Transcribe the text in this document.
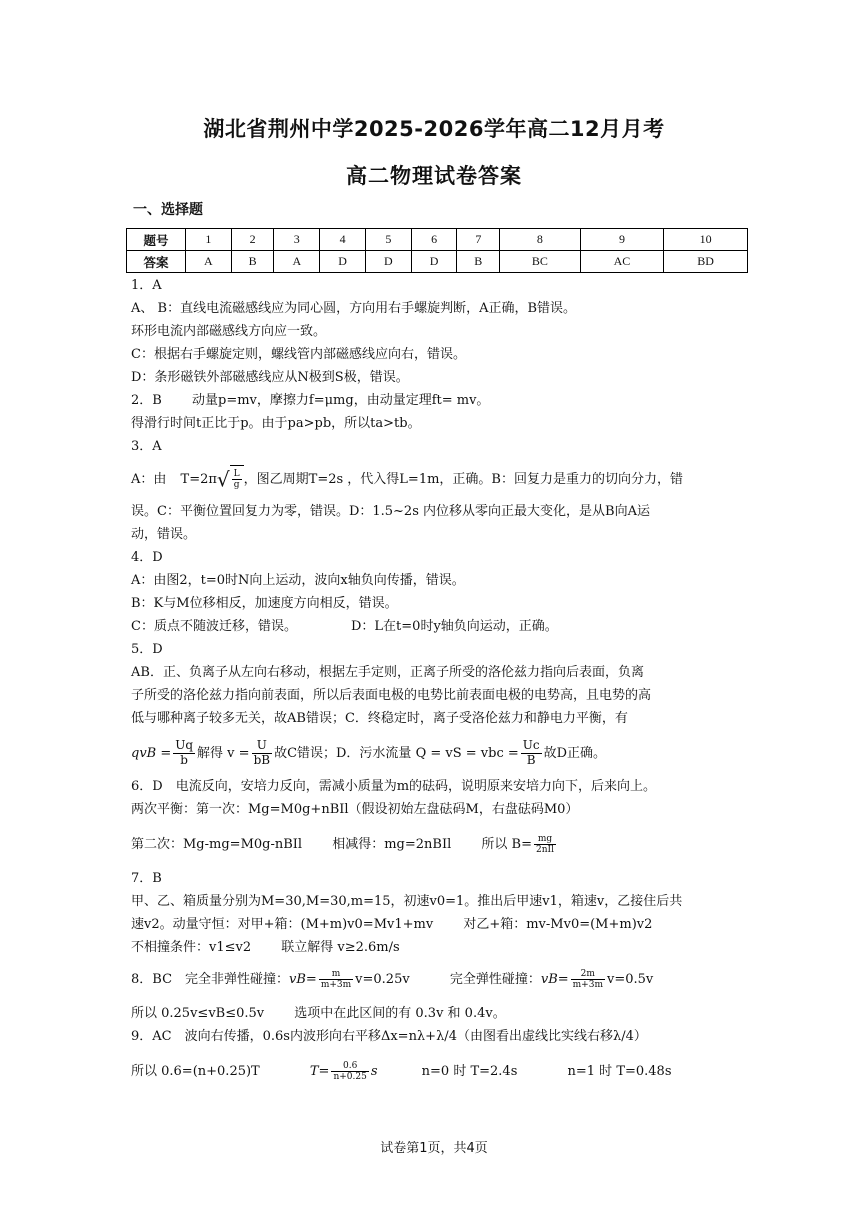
湖北省荆州中学2025-2026学年高二12月月考
高二物理试卷答案
一、选择题
题号	1	2	3	4	5	6	7	8	9	10
答案	A	B	A	D	D	D	B	BC	AC	BD
1．A
A、 B：直线电流磁感线应为同心圆，方向用右手螺旋判断，A正确，B错误。
环形电流内部磁感线方向应一致。
C：根据右手螺旋定则，螺线管内部磁感线应向右，错误。
D：条形磁铁外部磁感线应从N极到S极，错误。
2．B 动量p=mv，摩擦力f=μmg，由动量定理ft= mv。
得滑行时间t正比于p。由于pa>pb，所以ta>tb。
3．A
A：由 $T=2\pi√ \frac{L}{g}$ ，图乙周期T=2s ，代入得L=1m，正确。B：回复力是重力的切向分力，错
误。C：平衡位置回复力为零，错误。D：1.5~2s 内位移从零向正最大变化，是从B向A运
动，错误。
4．D
A：由图2，t=0时N向上运动，波向x轴负向传播，错误。
B：K与M位移相反，加速度方向相反，错误。
C：质点不随波迁移，错误。	D：L在t=0时y轴负向运动，正确。
5．D
AB．正、负离子从左向右移动，根据左手定则，正离子所受的洛伦兹力指向后表面，负离
子所受的洛伦兹力指向前表面，所以后表面电极的电势比前表面电极的电势高，且电势的高
低与哪种离子较多无关，故AB错误；C．终稳定时，离子受洛伦兹力和静电力平衡，有
qvB = $\frac{Uq}{b}$ 解得 $v = \frac{U}{bB}$ 故C错误；D．污水流量 Q = vS = vbc = $\frac{Uc}{B}$ 故D正确。
6．D　电流反向，安培力反向，需减小质量为m的砝码，说明原来安培力向下，后来向上。
两次平衡：第一次：Mg=M0g+nBIl（假设初始左盘砝码M，右盘砝码M0）
第二次：Mg-mg=M0g-nBIl 相减得：mg=2nBIl 所以 $B= \frac{mg}{\text{2nIl}}$
7．B
甲、乙、箱质量分别为M=30,M=30,m=15，初速v0=1。推出后甲速v1，箱速v，乙接住后共
速v2。动量守恒：对甲+箱：(M+m)v0=Mv1+mv 对乙+箱：mv-Mv0=(M+m)v2
不相撞条件：v1≤v2 联立解得 v≥2.6m/s
8．BC　完全非弹性碰撞：$vB= \frac{m}{m+3m} v=0.25v$	完全弹性碰撞：$vB= \frac{2m}{m+3m} v=0.5v$
所以 0.25v≤vB≤0.5v 选项中在此区间的有 0.3v 和 0.4v。
9．AC　波向右传播，0.6s内波形向右平移Δx=nλ+λ/4（由图看出虚线比实线右移λ/4）
所以 0.6=(n+0.25)T	$T= \frac{0.6}{n+0.25}$ s	n=0 时 T=2.4s	n=1 时 T=0.48s
试卷第1页，共4页
